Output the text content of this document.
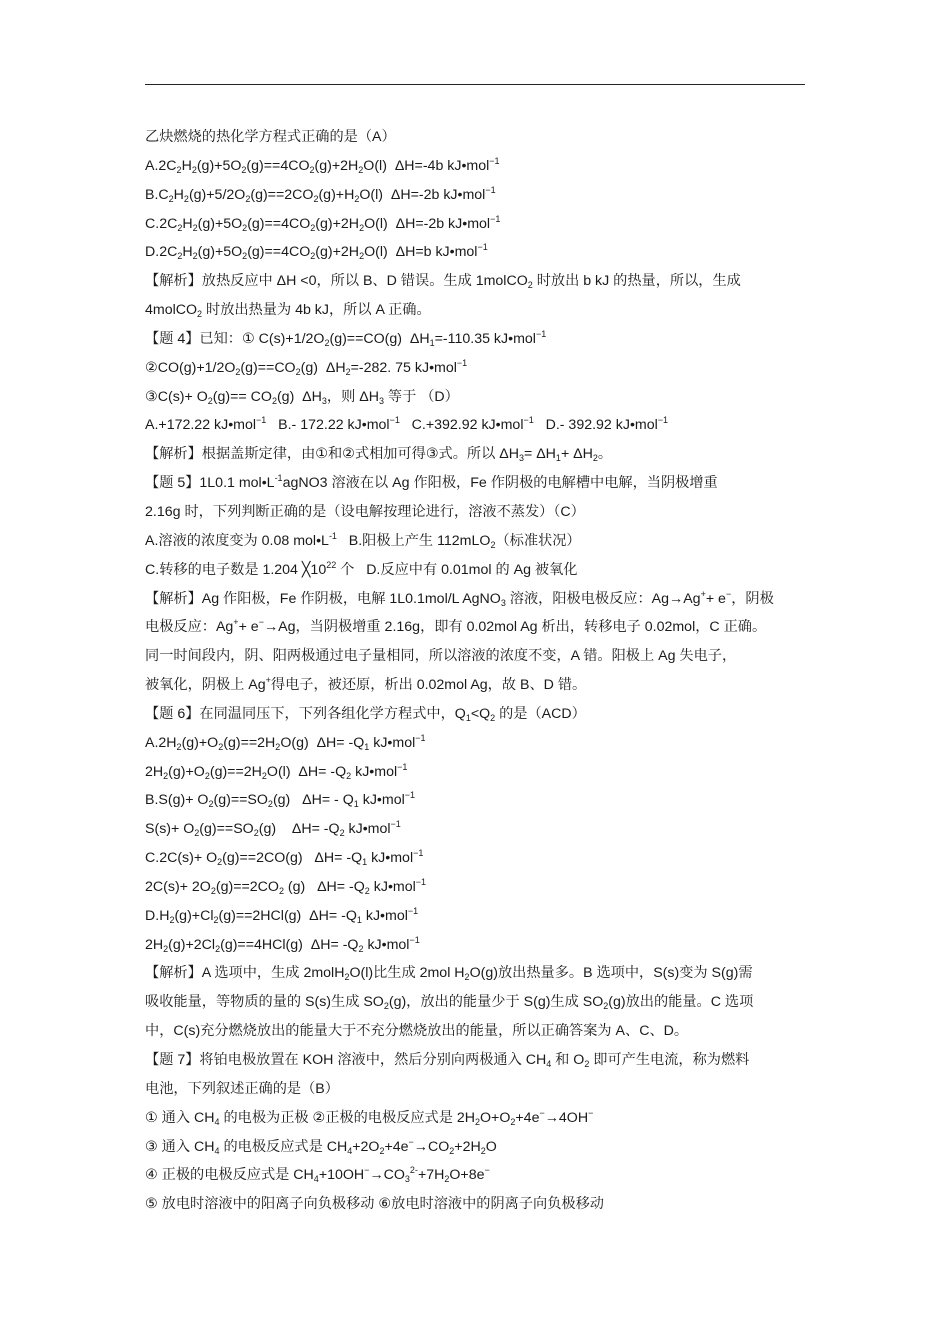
乙炔燃烧的热化学方程式正确的是（A）
$A.2C_2H_2(g)+5O_2(g)==4CO_2(g)+2H_2O(l)$  ΔH=-4b kJ•mol$^{-1}$
$B.C_2H_2(g)+5/2O_2(g)==2CO_2(g)+H_2O(l)$  ΔH=-2b kJ•mol$^{-1}$
$C.2C_2H_2(g)+5O_2(g)==4CO_2(g)+2H_2O(l)$  ΔH=-2b kJ•mol$^{-1}$
$D.2C_2H_2(g)+5O_2(g)==4CO_2(g)+2H_2O(l)$  ΔH=b kJ•mol$^{-1}$
【解析】放热反应中 ΔH <0，所以 B、D 错误。生成 1molCO$_2$ 时放出 b kJ 的热量，所以，生成
4molCO$_2$ 时放出热量为 4b kJ，所以 A 正确。
【题 4】已知：① $C(s)+1/2O_2(g)==CO(g)$  $\Delta H_1=-110.35$ kJ•mol$^{-1}$
$②CO(g)+1/2O_2(g)==CO_2(g)$  $\Delta H_2=-282$. 75 kJ•mol$^{-1}$
③C(s)+ $O_2(g)== CO_2(g)$  $\Delta H_3$，则 $\Delta H_3$ 等于 （D）
A.+172.22 kJ•mol$^{-1}$   B.- 172.22 kJ•mol$^{-1}$   C.+392.92 kJ•mol$^{-1}$   D.- 392.92 kJ•mol$^{-1}$
【解析】根据盖斯定律，由①和②式相加可得③式。所以 $\Delta H_3= \Delta H_1+ \Delta H_2$。
【题 5】1L0.1 $mol•L^{-1}agNO3$ 溶液在以 Ag 作阳极，Fe 作阴极的电解槽中电解，当阴极增重
2.16g 时，下列判断正确的是（设电解按理论进行，溶液不蒸发）（C）
A.溶液的浓度变为 0.08 $mol•L^{-1}$   B.阳极上产生 112mLO$_2$（标准状况）
C.转移的电子数是 1.204 $╳10^{22}$ 个   D.反应中有 0.01mol 的 Ag 被氧化
【解析】Ag 作阳极，Fe 作阴极，电解 1L0.1mol/L AgNO$_3$ 溶液，阳极电极反应：Ag→Ag++ e−，阴极
电极反应：Ag++ e−→Ag，当阴极增重 2.16g，即有 0.02mol Ag 析出，转移电子 0.02mol，C 正确。
同一时间段内，阴、阳两极通过电子量相同，所以溶液的浓度不变，A 错。阳极上 Ag 失电子，
被氧化，阴极上 Ag+得电子，被还原，析出 0.02mol Ag，故 B、D 错。
【题 6】在同温同压下，下列各组化学方程式中，$Q_1<Q_2$ 的是（ACD）
$A.2H_2(g)+O_2(g)==2H_2O(g)$  $\Delta H= -Q_1$ kJ•mol$^{-1}$
$2H_2(g)+O_2(g)==2H_2O(l)$  $\Delta H= -Q_2$ kJ•mol$^{-1}$
$B.S(g)+ O_2(g)==SO_2(g)$   $\Delta H= - Q_1$ kJ•mol$^{-1}$
$S(s)+ O_2(g)==SO_2(g)$    $\Delta H= -Q_2$ kJ•mol$^{-1}$
$C.2C(s)+ O_2(g)==2CO(g)$   $\Delta H= -Q_1$ kJ•mol$^{-1}$
$2C(s)+ 2O_2(g)==2CO_2$ (g)   $\Delta H= -Q_2$ kJ•mol$^{-1}$
$D.H_2(g)+Cl_2(g)==2HCl(g)$  $\Delta H= -Q_1$ kJ•mol$^{-1}$
$2H_2(g)+2Cl_2(g)==4HCl(g)$  $\Delta H= -Q_2$ kJ•mol$^{-1}$
【解析】A 选项中，生成 2molH$_2$O(l)比生成 2mol $H_2O(g)$放出热量多。B 选项中，S(s)变为 S(g)需
吸收能量，等物质的量的 S(s)生成 $SO_2(g)$，放出的能量少于 S(g)生成 $SO_2(g)$放出的能量。C 选项
中，C(s)充分燃烧放出的能量大于不充分燃烧放出的能量，所以正确答案为 A、C、D。
【题 7】将铂电极放置在 KOH 溶液中，然后分别向两极通入 $CH_4$ 和 $O_2$ 即可产生电流，称为燃料
电池，下列叙述正确的是（B）
① 通入 $CH_4$ 的电极为正极 ②正极的电极反应式是 $2H_2O+O_2+4e^-\to 4OH^-$
③ 通入 $CH_4$ 的电极反应式是 $CH_4+2O_2+4e^-\to CO_2+2H_2O$
④ 正极的电极反应式是 $CH_4+10OH^-\to CO_3^{2-}+7H_2O+8e^-$
⑤ 放电时溶液中的阳离子向负极移动 ⑥放电时溶液中的阴离子向负极移动
